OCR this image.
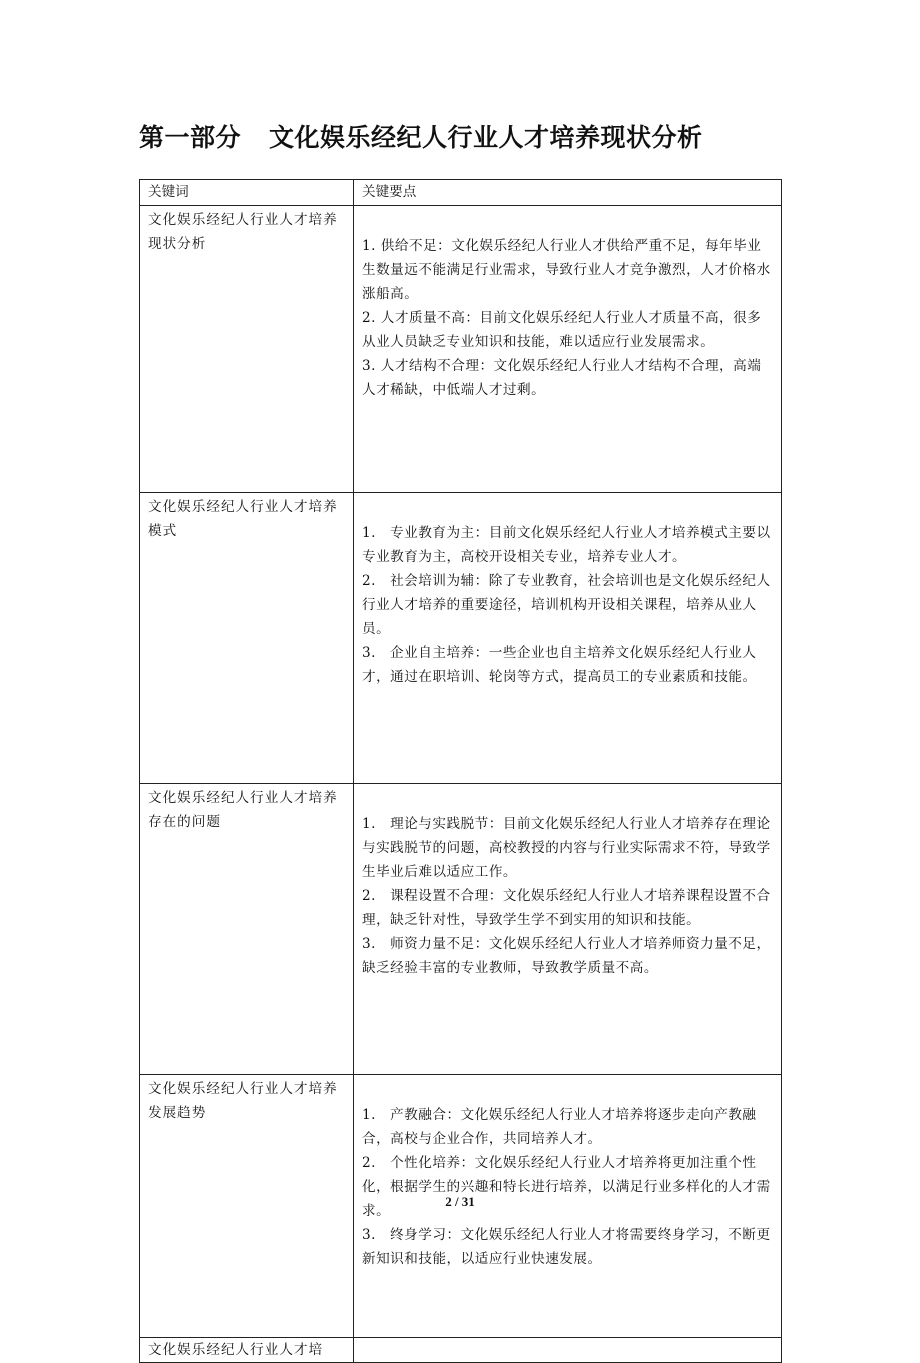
第一部分 文化娱乐经纪人行业人才培养现状分析
关键词	关键要点
文化娱乐经纪人行业人才培养现状分析	1. 供给不足：文化娱乐经纪人行业人才供给严重不足，每年毕业生数量远不能满足行业需求，导致行业人才竞争激烈，人才价格水涨船高。

2. 人才质量不高：目前文化娱乐经纪人行业人才质量不高，很多从业人员缺乏专业知识和技能，难以适应行业发展需求。

3. 人才结构不合理：文化娱乐经纪人行业人才结构不合理，高端人才稀缺，中低端人才过剩。

文化娱乐经纪人行业人才培养模式	1.　专业教育为主：目前文化娱乐经纪人行业人才培养模式主要以专业教育为主，高校开设相关专业，培养专业人才。

2.　社会培训为辅：除了专业教育，社会培训也是文化娱乐经纪人行业人才培养的重要途径，培训机构开设相关课程，培养从业人员。

3.　企业自主培养：一些企业也自主培养文化娱乐经纪人行业人才，通过在职培训、轮岗等方式，提高员工的专业素质和技能。

文化娱乐经纪人行业人才培养存在的问题	1.　理论与实践脱节：目前文化娱乐经纪人行业人才培养存在理论与实践脱节的问题，高校教授的内容与行业实际需求不符，导致学生毕业后难以适应工作。

2.　课程设置不合理：文化娱乐经纪人行业人才培养课程设置不合理，缺乏针对性，导致学生学不到实用的知识和技能。

3.　师资力量不足：文化娱乐经纪人行业人才培养师资力量不足，缺乏经验丰富的专业教师，导致教学质量不高。

文化娱乐经纪人行业人才培养发展趋势	1.　产教融合：文化娱乐经纪人行业人才培养将逐步走向产教融合，高校与企业合作，共同培养人才。

2.　个性化培养：文化娱乐经纪人行业人才培养将更加注重个性化，根据学生的兴趣和特长进行培养，以满足行业多样化的人才需求。

3.　终身学习：文化娱乐经纪人行业人才将需要终身学习，不断更新知识和技能，以适应行业快速发展。

文化娱乐经纪人行业人才培	
2 / 31
